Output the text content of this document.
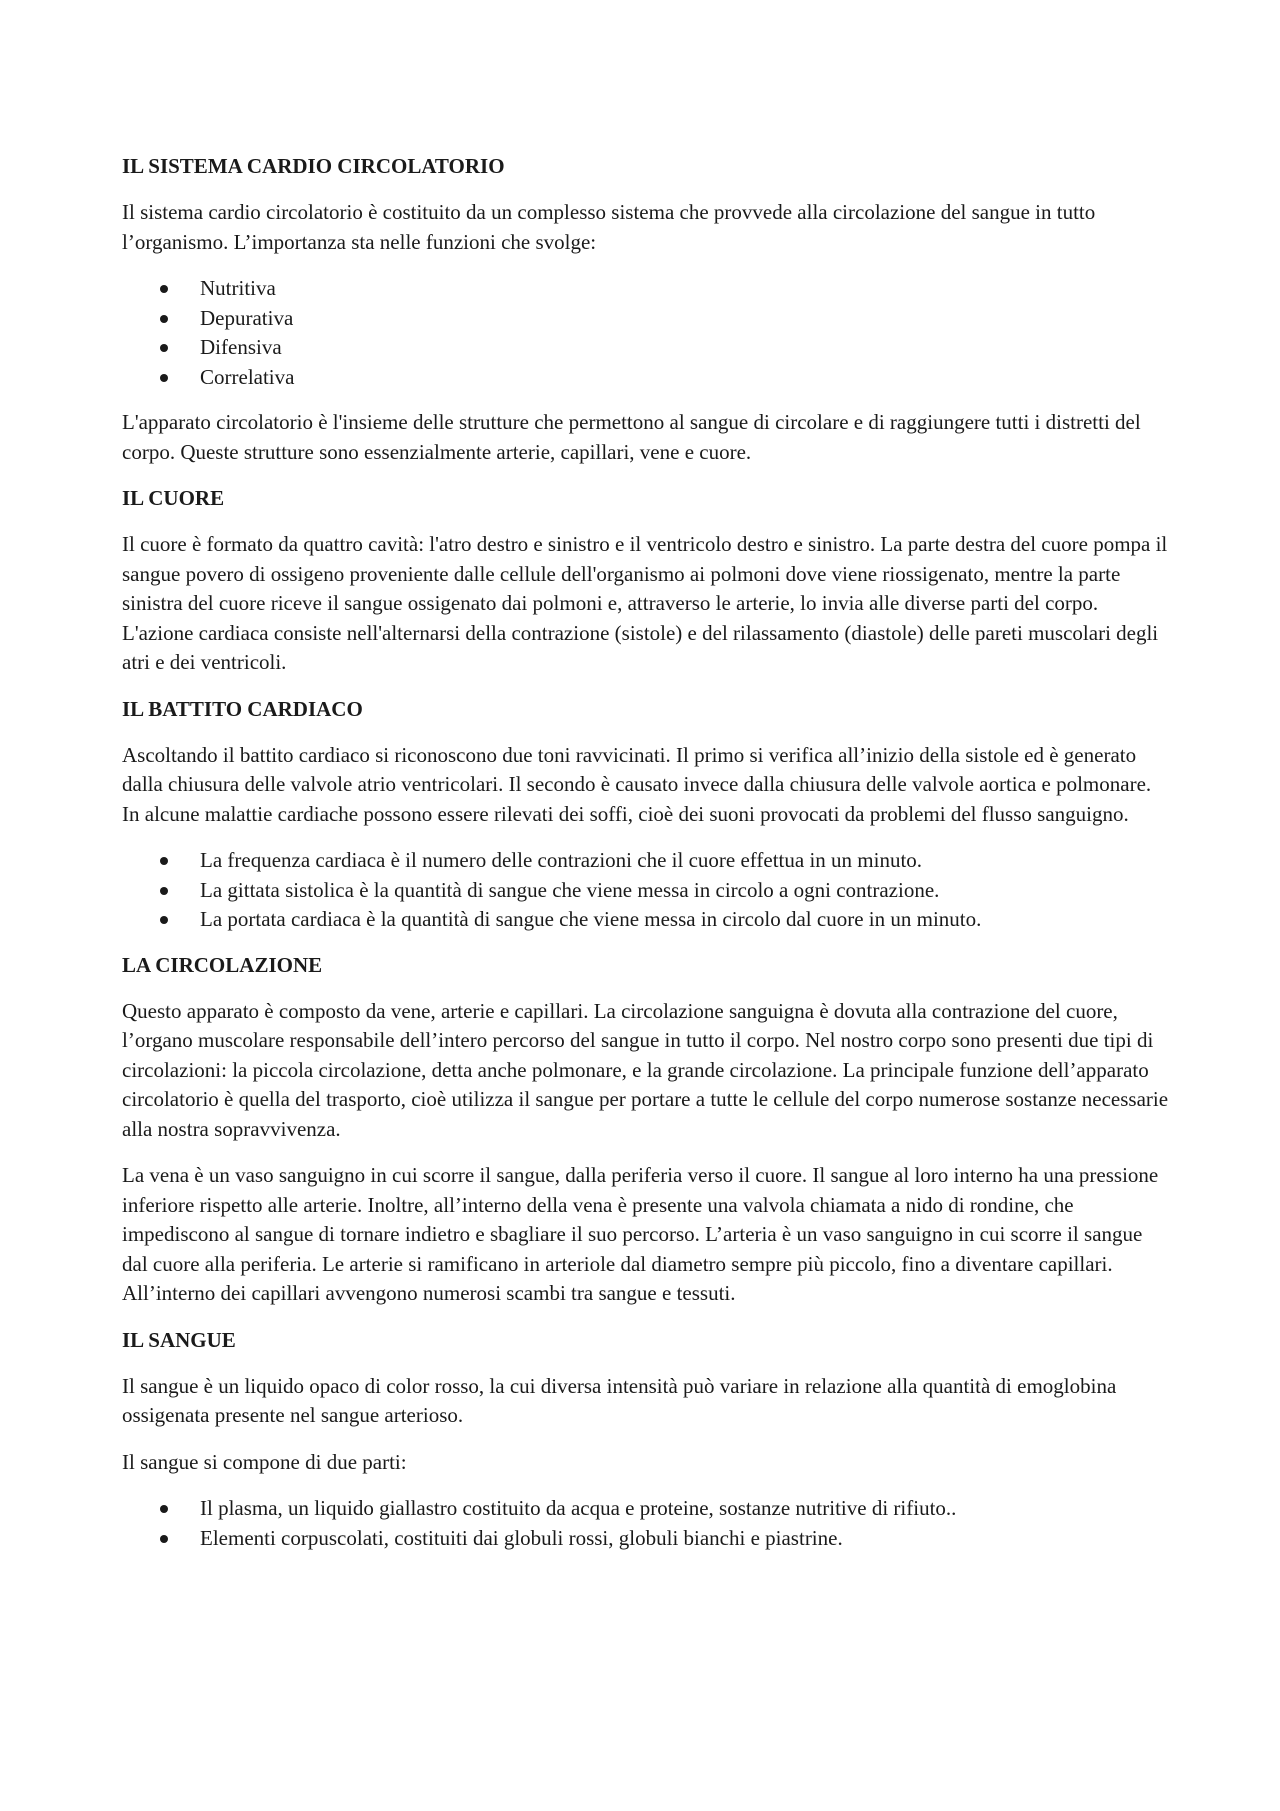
IL SISTEMA CARDIO CIRCOLATORIO

Il sistema cardio circolatorio è costituito da un complesso sistema che provvede alla circolazione del sangue in tutto l’organismo. L’importanza sta nelle funzioni che svolge:

Nutritiva
Depurativa
Difensiva
Correlativa

L'apparato circolatorio è l'insieme delle strutture che permettono al sangue di circolare e di raggiungere tutti i distretti del corpo. Queste strutture sono essenzialmente arterie, capillari, vene e cuore.

IL CUORE

Il cuore è formato da quattro cavità: l'atro destro e sinistro e il ventricolo destro e sinistro. La parte destra del cuore pompa il sangue povero di ossigeno proveniente dalle cellule dell'organismo ai polmoni dove viene riossigenato, mentre la parte sinistra del cuore riceve il sangue ossigenato dai polmoni e, attraverso le arterie, lo invia alle diverse parti del corpo. L'azione cardiaca consiste nell'alternarsi della contrazione (sistole) e del rilassamento (diastole) delle pareti muscolari degli atri e dei ventricoli.

IL BATTITO CARDIACO

Ascoltando il battito cardiaco si riconoscono due toni ravvicinati. Il primo si verifica all’inizio della sistole ed è generato dalla chiusura delle valvole atrio ventricolari. Il secondo è causato invece dalla chiusura delle valvole aortica e polmonare. In alcune malattie cardiache possono essere rilevati dei soffi, cioè dei suoni provocati da problemi del flusso sanguigno.

La frequenza cardiaca è il numero delle contrazioni che il cuore effettua in un minuto.
La gittata sistolica è la quantità di sangue che viene messa in circolo a ogni contrazione.
La portata cardiaca è la quantità di sangue che viene messa in circolo dal cuore in un minuto.
LA CIRCOLAZIONE

Questo apparato è composto da vene, arterie e capillari. La circolazione sanguigna è dovuta alla contrazione del cuore, l’organo muscolare responsabile dell’intero percorso del sangue in tutto il corpo. Nel nostro corpo sono presenti due tipi di circolazioni: la piccola circolazione, detta anche polmonare, e la grande circolazione. La principale funzione dell’apparato circolatorio è quella del trasporto, cioè utilizza il sangue per portare a tutte le cellule del corpo numerose sostanze necessarie alla nostra sopravvivenza.

La vena è un vaso sanguigno in cui scorre il sangue, dalla periferia verso il cuore. Il sangue al loro interno ha una pressione inferiore rispetto alle arterie. Inoltre, all’interno della vena è presente una valvola chiamata a nido di rondine, che impediscono al sangue di tornare indietro e sbagliare il suo percorso. L’arteria è un vaso sanguigno in cui scorre il sangue dal cuore alla periferia. Le arterie si ramificano in arteriole dal diametro sempre più piccolo, fino a diventare capillari. All’interno dei capillari avvengono numerosi scambi tra sangue e tessuti.

IL SANGUE

Il sangue è un liquido opaco di color rosso, la cui diversa intensità può variare in relazione alla quantità di emoglobina ossigenata presente nel sangue arterioso.

Il sangue si compone di due parti:

Il plasma, un liquido giallastro costituito da acqua e proteine, sostanze nutritive di rifiuto..
Elementi corpuscolati, costituiti dai globuli rossi, globuli bianchi e piastrine.
